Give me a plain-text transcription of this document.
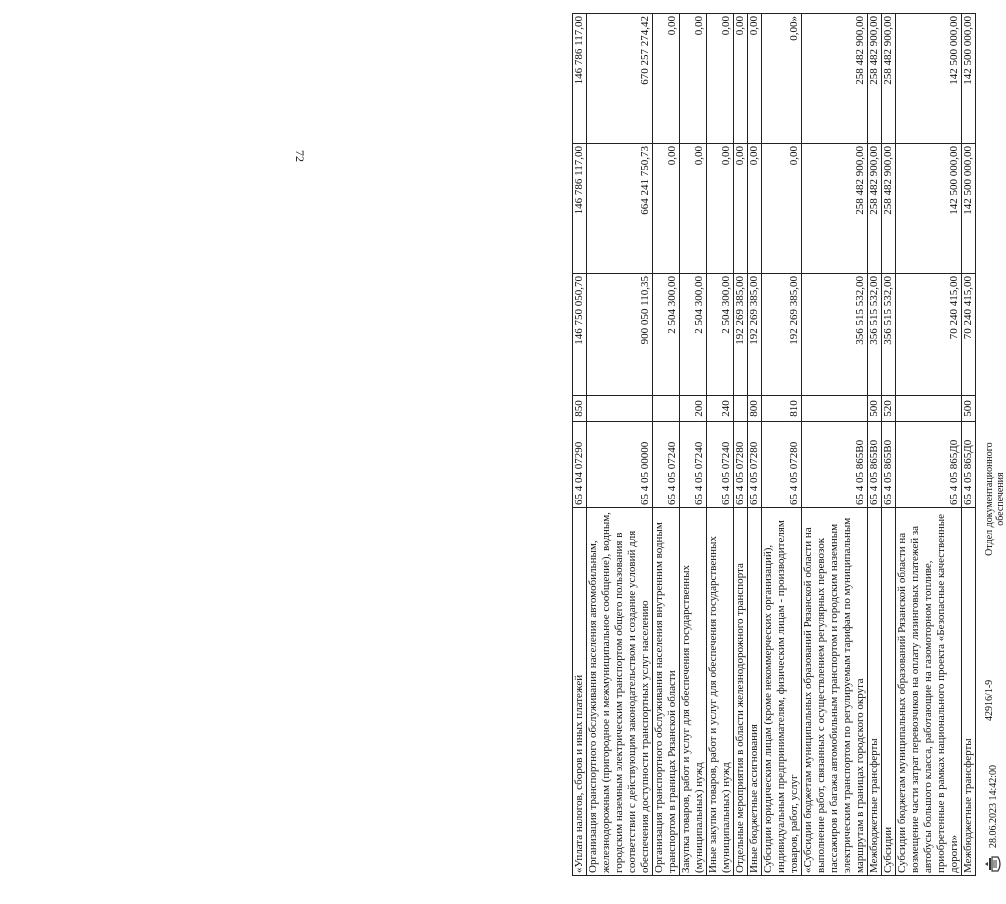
72
«Уплата налогов, сборов и иных платежей	65 4 04 07290	850	146 750 050,70	146 786 117,00	146 786 117,00
Организация транспортного обслуживания населения автомобильным, железнодорожным (пригородное и межмуниципальное сообщение), водным, городским наземным электрическим транспортом общего пользования в соответствии с действующим законодательством и создание условий для обеспечения доступности транспортных услуг населению	65 4 05 00000		900 050 110,35	664 241 750,73	670 257 274,42
Организация транспортного обслуживания населения внутренним водным транспортом в границах Рязанской области	65 4 05 07240		2 504 300,00	0,00	0,00
Закупка товаров, работ и услуг для обеспечения государственных (муниципальных) нужд	65 4 05 07240	200	2 504 300,00	0,00	0,00
Иные закупки товаров, работ и услуг для обеспечения государственных (муниципальных) нужд	65 4 05 07240	240	2 504 300,00	0,00	0,00
Отдельные мероприятия в области железнодорожного транспорта	65 4 05 07280		192 269 385,00	0,00	0,00
Иные бюджетные ассигнования	65 4 05 07280	800	192 269 385,00	0,00	0,00
Субсидии юридическим лицам (кроме некоммерческих организаций), индивидуальным предпринимателям, физическим лицам - производителям товаров, работ, услуг	65 4 05 07280	810	192 269 385,00	0,00	0,00»
«Субсидии бюджетам муниципальных образований Рязанской области на выполнение работ, связанных с осуществлением регулярных перевозок пассажиров и багажа автомобильным транспортом и городским наземным электрическим транспортом по регулируемым тарифам по муниципальным маршрутам в границах городского округа	65 4 05 865В0		356 515 532,00	258 482 900,00	258 482 900,00
Межбюджетные трансферты	65 4 05 865В0	500	356 515 532,00	258 482 900,00	258 482 900,00
Субсидии	65 4 05 865В0	520	356 515 532,00	258 482 900,00	258 482 900,00
Субсидии бюджетам муниципальных образований Рязанской области на возмещение части затрат перевозчиков на оплату лизинговых платежей за автобусы большого класса, работающие на газомоторном топливе, приобретенные в рамках национального проекта «Безопасные качественные дороги»	65 4 05 865Д0		70 240 415,00	142 500 000,00	142 500 000,00
Межбюджетные трансферты	65 4 05 865Д0	500	70 240 415,00	142 500 000,00	142 500 000,00
28.06.2023 14:42:00
42916/1-9
Отдел документационного обеспечения
